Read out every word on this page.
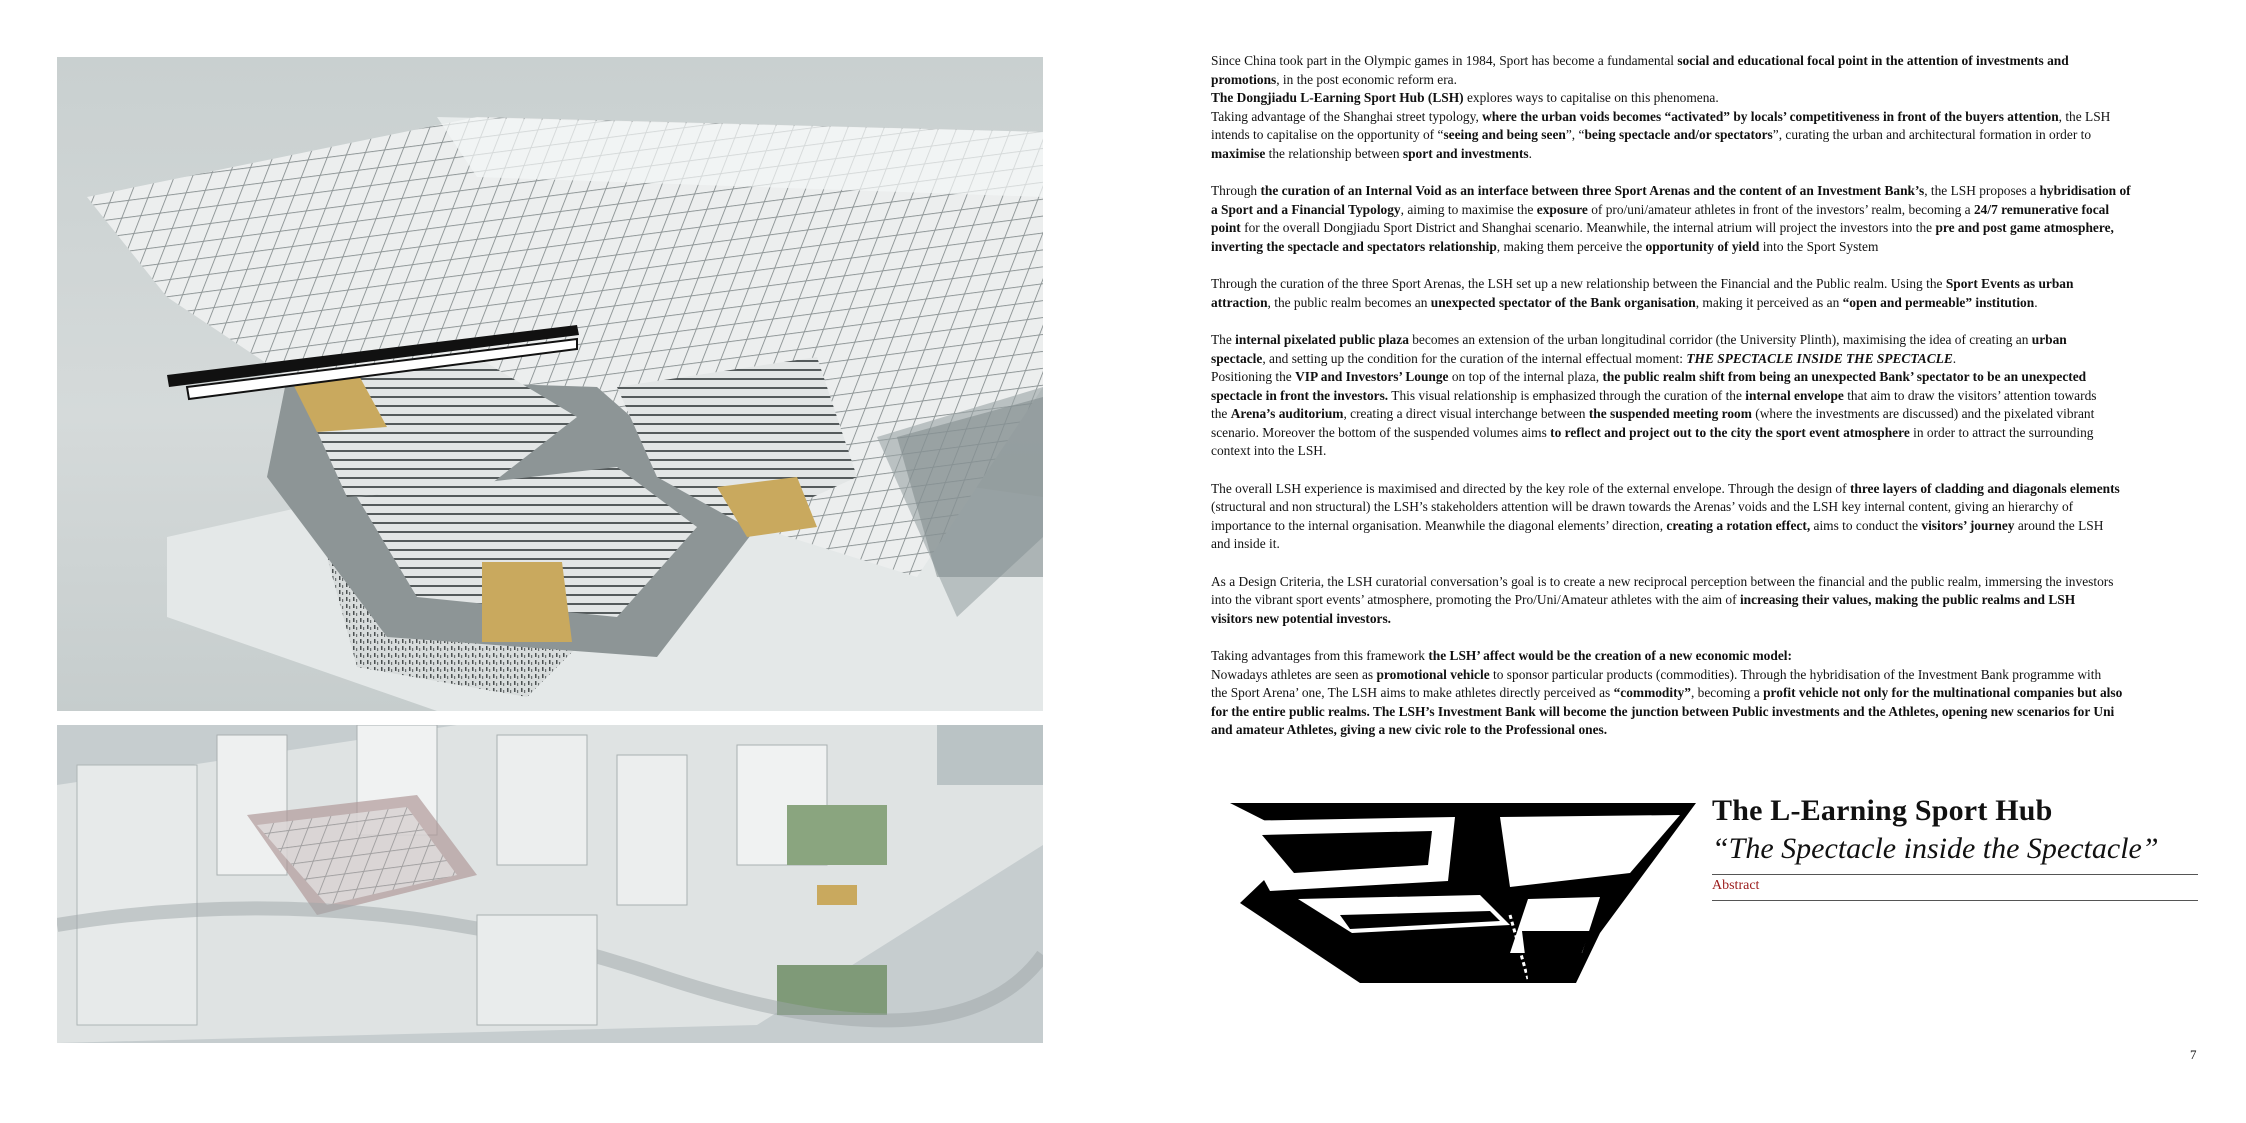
Since China took part in the Olympic games in 1984, Sport has become a fundamental social and educational focal point in the attention of investments and
promotions, in the post economic reform era.
The Dongjiadu L-Earning Sport Hub (LSH) explores ways to capitalise on this phenomena.
Taking advantage of the Shanghai street typology, where the urban voids becomes “activated” by locals’ competitiveness in front of the buyers attention, the LSH
intends to capitalise on the opportunity of “seeing and being seen”, “being spectacle and/or spectators”, curating the urban and architectural formation in order to
maximise the relationship between sport and investments.

Through the curation of an Internal Void as an interface between three Sport Arenas and the content of an Investment Bank’s, the LSH proposes a hybridisation of
a Sport and a Financial Typology, aiming to maximise the exposure of pro/uni/amateur athletes in front of the investors’ realm, becoming a 24/7 remunerative focal
point for the overall Dongjiadu Sport District and Shanghai scenario. Meanwhile, the internal atrium will project the investors into the pre and post game atmosphere,
inverting the spectacle and spectators relationship, making them perceive the opportunity of yield into the Sport System

Through the curation of the three Sport Arenas, the LSH set up a new relationship between the Financial and the Public realm. Using the Sport Events as urban
attraction, the public realm becomes an unexpected spectator of the Bank organisation, making it perceived as an “open and permeable” institution.

The internal pixelated public plaza becomes an extension of the urban longitudinal corridor (the University Plinth), maximising the idea of creating an urban
spectacle, and setting up the condition for the curation of the internal effectual moment: THE SPECTACLE INSIDE THE SPECTACLE.
Positioning the VIP and Investors’ Lounge on top of the internal plaza, the public realm shift from being an unexpected Bank’ spectator to be an unexpected
spectacle in front the investors. This visual relationship is emphasized through the curation of the internal envelope that aim to draw the visitors’ attention towards
the Arena’s auditorium, creating a direct visual interchange between the suspended meeting room (where the investments are discussed) and the pixelated vibrant
scenario. Moreover the bottom of the suspended volumes aims to reflect and project out to the city the sport event atmosphere in order to attract the surrounding
context into the LSH.

The overall LSH experience is maximised and directed by the key role of the external envelope. Through the design of three layers of cladding and diagonals elements
(structural and non structural) the LSH’s stakeholders attention will be drawn towards the Arenas’ voids and the LSH key internal content, giving an hierarchy of
importance to the internal organisation. Meanwhile the diagonal elements’ direction, creating a rotation effect, aims to conduct the visitors’ journey around the LSH
and inside it.

As a Design Criteria, the LSH curatorial conversation’s goal is to create a new reciprocal perception between the financial and the public realm, immersing the investors
into the vibrant sport events’ atmosphere, promoting the Pro/Uni/Amateur athletes with the aim of increasing their values, making the public realms and LSH
visitors new potential investors.

Taking advantages from this framework the LSH’ affect would be the creation of a new economic model:
Nowadays athletes are seen as promotional vehicle to sponsor particular products (commodities). Through the hybridisation of the Investment Bank programme with
the Sport Arena’ one, The LSH aims to make athletes directly perceived as “commodity”, becoming a profit vehicle not only for the multinational companies but also
for the entire public realms. The LSH’s Investment Bank will become the junction between Public investments and the Athletes, opening new scenarios for Uni
and amateur Athletes, giving a new civic role to the Professional ones.

The L-Earning Sport Hub
“The Spectacle inside the Spectacle”
Abstract
7
